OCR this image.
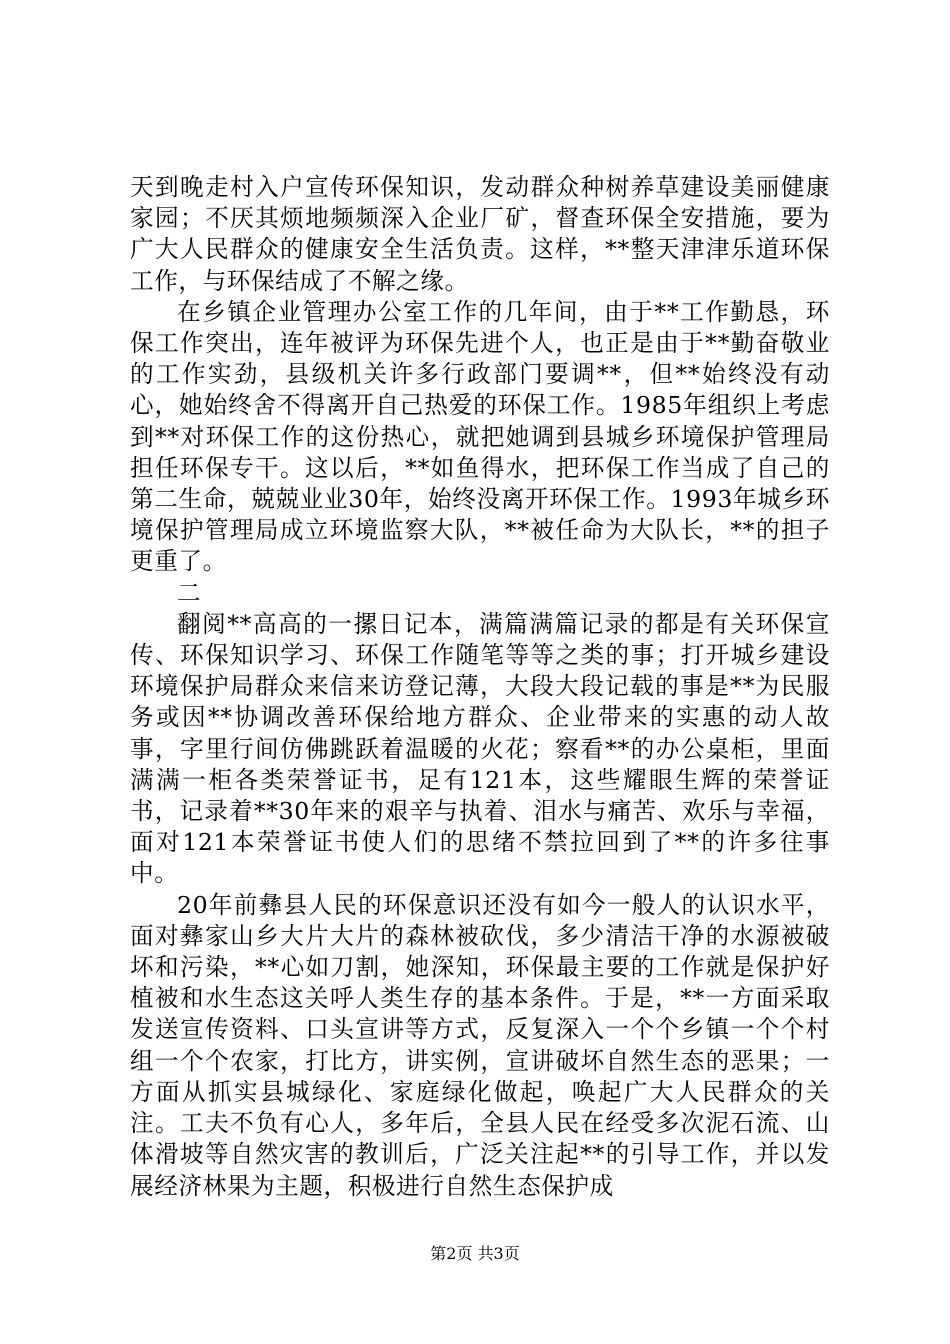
天到晚走村入户宣传环保知识，发动群众种树养草建设美丽健康家园；不厌其烦地频频深入企业厂矿，督查环保全安措施，要为广大人民群众的健康安全生活负责。这样，**整天津津乐道环保工作，与环保结成了不解之缘。

在乡镇企业管理办公室工作的几年间，由于**工作勤恳，环保工作突出，连年被评为环保先进个人，也正是由于**勤奋敬业的工作实劲，县级机关许多行政部门要调**，但**始终没有动心，她始终舍不得离开自己热爱的环保工作。1985年组织上考虑到**对环保工作的这份热心，就把她调到县城乡环境保护管理局担任环保专干。这以后，**如鱼得水，把环保工作当成了自己的第二生命，兢兢业业30年，始终没离开环保工作。1993年城乡环境保护管理局成立环境监察大队，**被任命为大队长，**的担子更重了。

二

翻阅**高高的一摞日记本，满篇满篇记录的都是有关环保宣传、环保知识学习、环保工作随笔等等之类的事；打开城乡建设环境保护局群众来信来访登记薄，大段大段记载的事是**为民服务或因**协调改善环保给地方群众、企业带来的实惠的动人故事，字里行间仿佛跳跃着温暖的火花；察看**的办公桌柜，里面满满一柜各类荣誉证书，足有121本，这些耀眼生辉的荣誉证书，记录着**30年来的艰辛与执着、泪水与痛苦、欢乐与幸福，面对121本荣誉证书使人们的思绪不禁拉回到了**的许多往事中。

20年前彝县人民的环保意识还没有如今一般人的认识水平，面对彝家山乡大片大片的森林被砍伐，多少清洁干净的水源被破坏和污染，**心如刀割，她深知，环保最主要的工作就是保护好植被和水生态这关呼人类生存的基本条件。于是，**一方面采取发送宣传资料、口头宣讲等方式，反复深入一个个乡镇一个个村组一个个农家，打比方，讲实例，宣讲破坏自然生态的恶果；一方面从抓实县城绿化、家庭绿化做起，唤起广大人民群众的关注。工夫不负有心人，多年后，全县人民在经受多次泥石流、山体滑坡等自然灾害的教训后，广泛关注起**的引导工作，并以发展经济林果为主题，积极进行自然生态保护成

第2页 共3页
